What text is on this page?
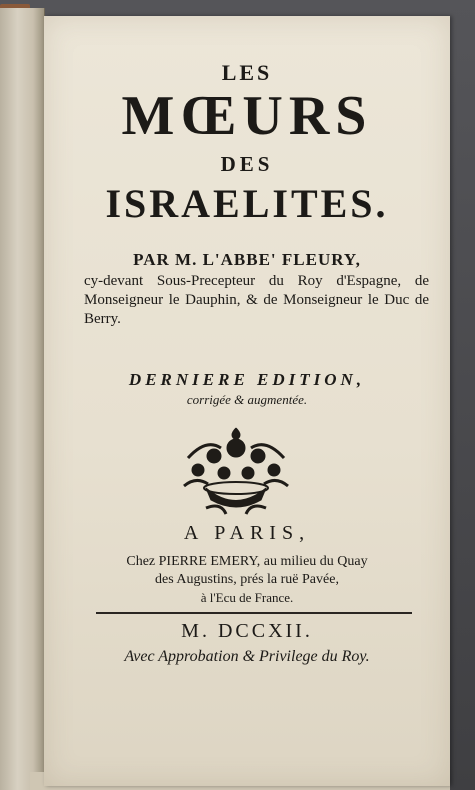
LES
MŒURS
DES
ISRAELITES.
PAR M. L'ABBE' FLEURY,
cy-devant Sous-Precepteur du Roy d'Espagne, de Monseigneur le Dauphin, & de Monseigneur le Duc de Berry.
DERNIERE EDITION,
corrigée & augmentée.
A PARIS,
Chez PIERRE EMERY, au milieu du Quay
des Augustins, prés la ruë Pavée,
à l'Ecu de France.
M. DCCXII.
Avec Approbation & Privilege du Roy.
